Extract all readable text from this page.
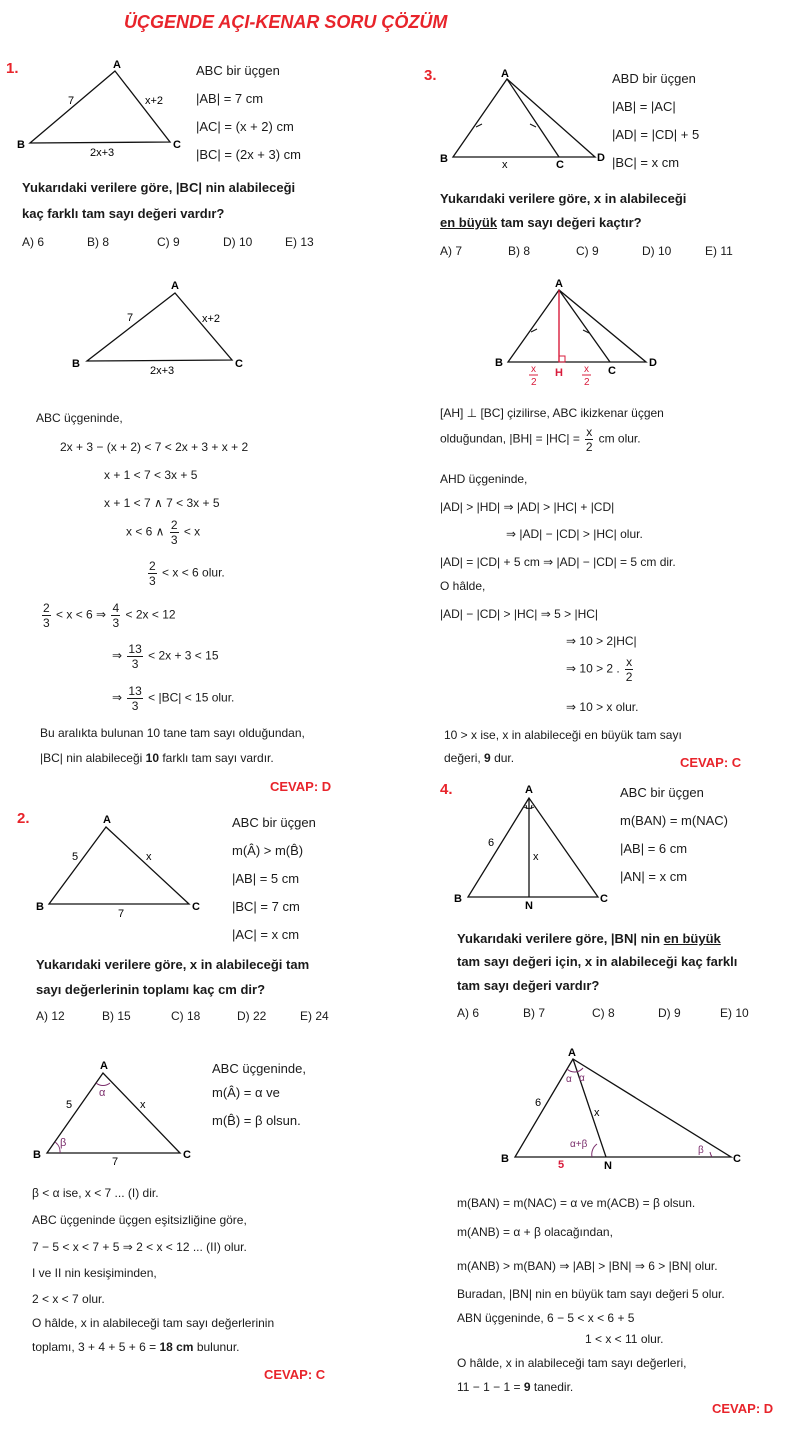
ÜÇGENDE AÇI-KENAR SORU ÇÖZÜM
1.	A
B	C
7	x+2
2x+3
ABC bir üçgen
|AB| = 7 cm
|AC| = (x + 2) cm
|BC| = (2x + 3) cm
Yukarıdaki verilere göre, |BC| nin alabileceği
kaç farklı tam sayı değeri vardır?
A) 6	B) 8	C) 9	D) 10	E) 13
A
B	C
7	x+2
2x+3
ABC üçgeninde,
2x + 3 − (x + 2) < 7 < 2x + 3 + x + 2
x + 1 < 7 < 3x + 5
x + 1 < 7 ∧ 7 < 3x + 5
x < 6 ∧ $\frac{2}{3} < x$
$\frac{2}{3} < x < 6$ olur.
$\frac{2}{3} < x < 6$ ⇒ $\frac{4}{3} < 2x < 12$
⇒ $\frac{13}{3} < 2x + 3 < 15$
⇒ $\frac{13}{3} < |BC| < 15$ olur.
Bu aralıkta bulunan 10 tane tam sayı olduğundan,
|BC| nin alabileceği 10 farklı tam sayı vardır.
CEVAP: D
2.	A
B	C
5	x
7
ABC bir üçgen
m(Â) > m(B̂)
|AB| = 5 cm
|BC| = 7 cm
|AC| = x cm
Yukarıdaki verilere göre, x in alabileceği tam
sayı değerlerinin toplamı kaç cm dir?
A) 12	B) 15	C) 18	D) 22	E) 24
A
B	C
5	x
7
α
β
ABC üçgeninde,
m(Â) = α ve
m(B̂) = β olsun.
β < α ise, x < 7 ... (I) dir.
ABC üçgeninde üçgen eşitsizliğine göre,
7 − 5 < x < 7 + 5 ⇒ 2 < x < 12 ... (II) olur.
I ve II nin kesişiminden,
2 < x < 7 olur.
O hâlde, x in alabileceği tam sayı değerlerinin
toplamı, 3 + 4 + 5 + 6 = 18 cm bulunur.
CEVAP: C
3.	A
B	C
D
x
ABD bir üçgen
|AB| = |AC|
|AD| = |CD| + 5
|BC| = x cm
Yukarıdaki verilere göre, x in alabileceği
en büyük tam sayı değeri kaçtır?
A) 7	B) 8	C) 9	D) 10	E) 11
A
B
C
D
H
x
2
x
2
[AH] ⊥ [BC] çizilirse, ABC ikizkenar üçgen
olduğundan, $|BH| = |HC| = \frac{x}{2}$ cm olur.
AHD üçgeninde,
|AD| > |HD| ⇒ |AD| > |HC| + |CD|
⇒ |AD| − |CD| > |HC| olur.
|AD| = |CD| + 5 cm ⇒ |AD| − |CD| = 5 cm dir.
O hâlde,
|AD| − |CD| > |HC| ⇒ 5 > |HC|
⇒ 10 > 2|HC|
⇒ 10 > 2 . $\frac{x}{2}$
⇒ 10 > x olur.
10 > x ise, x in alabileceği en büyük tam sayı
değeri, 9 dur.	CEVAP: C
4.	A
B	C
N
6
x
ABC bir üçgen
m(BAN) = m(NAC)
|AB| = 6 cm
|AN| = x cm
Yukarıdaki verilere göre, |BN| nin en büyük
tam sayı değeri için, x in alabileceği kaç farklı
tam sayı değeri vardır?
A) 6	B) 7	C) 8	D) 9	E) 10
A
B	C
N
6
x
5
α α
α+β
β
m(BAN) = m(NAC) = α ve m(ACB) = β olsun.
m(ANB) = α + β olacağından,
m(ANB) > m(BAN) ⇒ |AB| > |BN| ⇒ 6 > |BN| olur.
Buradan, |BN| nin en büyük tam sayı değeri 5 olur.
ABN üçgeninde, 6 − 5 < x < 6 + 5
1 < x < 11 olur.
O hâlde, x in alabileceği tam sayı değerleri,
11 − 1 − 1 = 9 tanedir.
CEVAP: D
